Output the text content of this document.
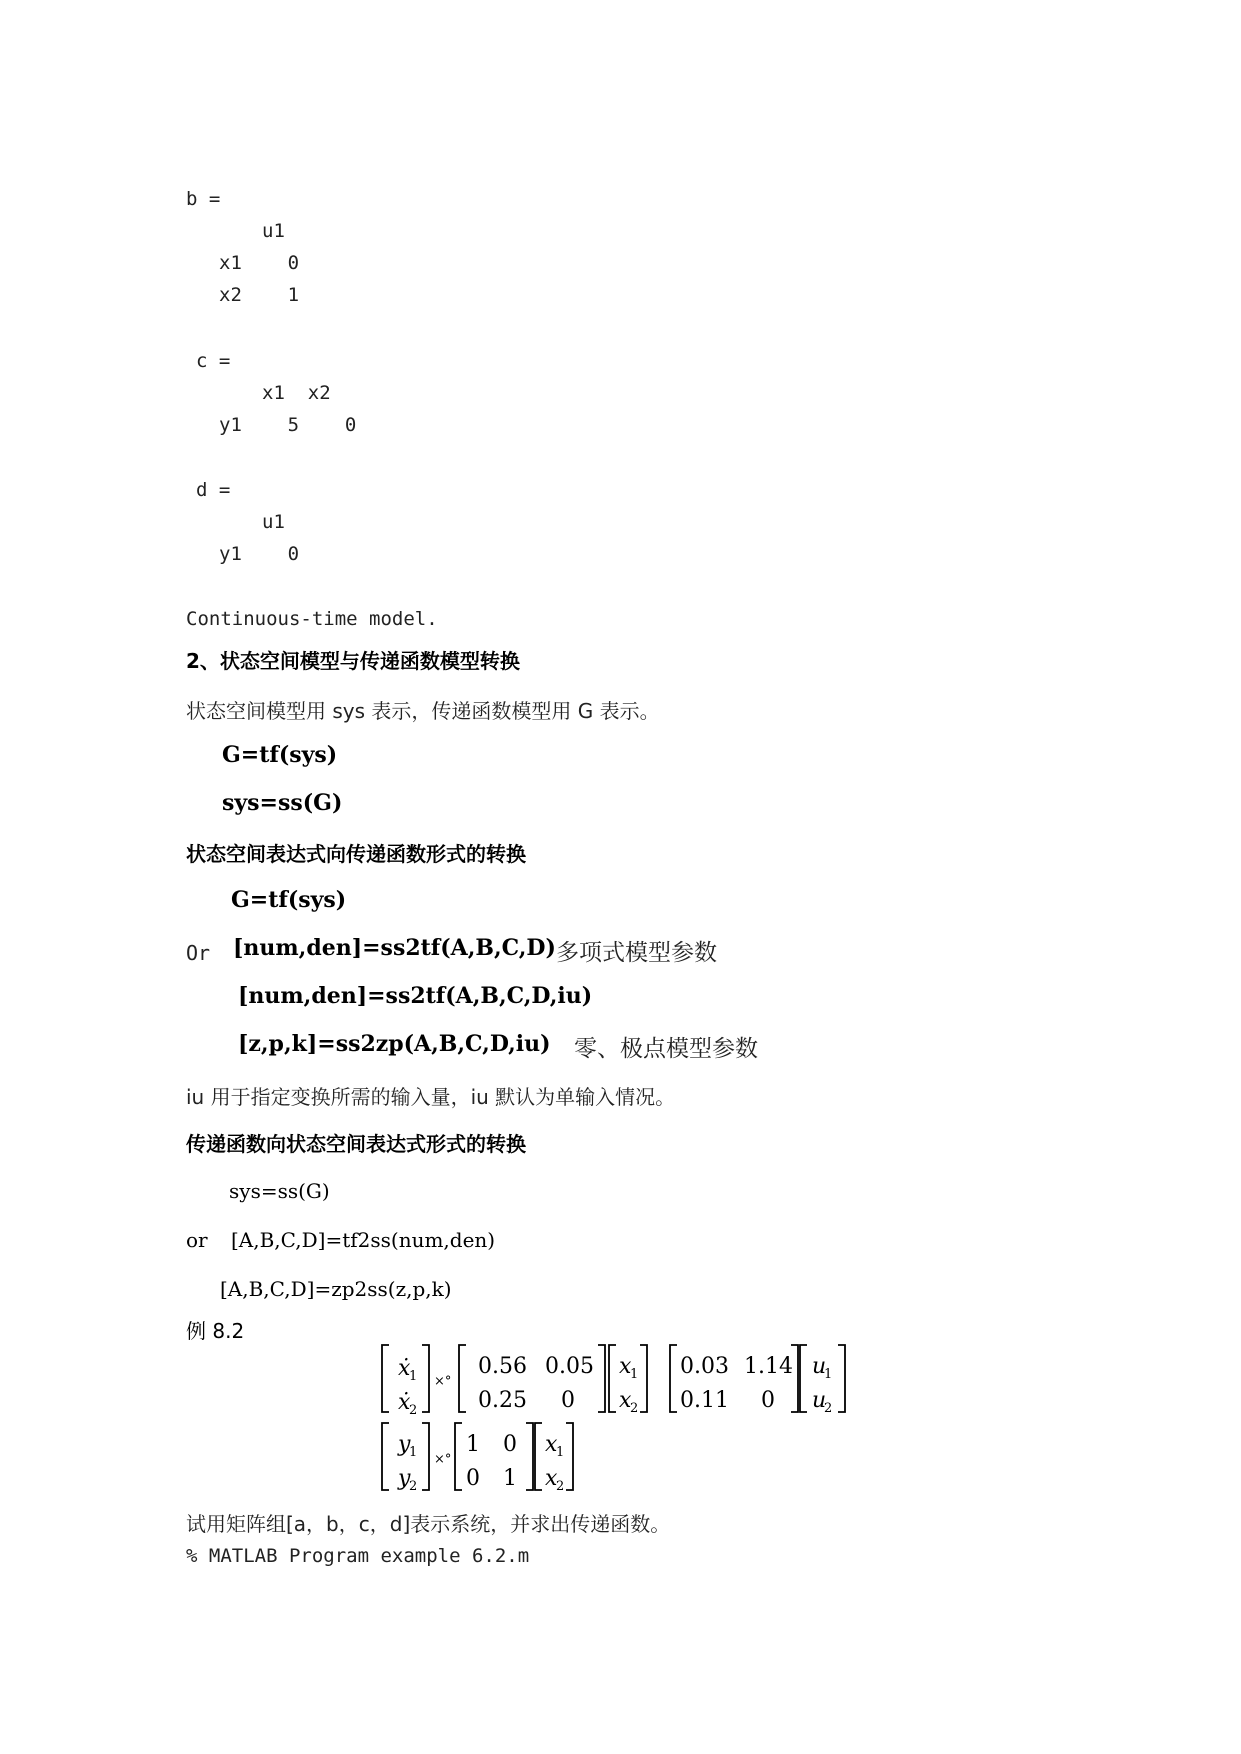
b =
u1
x1    0
x2    1
c =
x1  x2
y1    5    0
d =
u1
y1    0
Continuous-time model.
2、状态空间模型与传递函数模型转换
状态空间模型用 sys 表示，传递函数模型用 G 表示。
G=tf(sys)
sys=ss(G)
状态空间表达式向传递函数形式的转换
G=tf(sys)
Or [num,den]=ss2tf(A,B,C,D) 多项式模型参数
[num,den]=ss2tf(A,B,C,D,iu)
[z,p,k]=ss2zp(A,B,C,D,iu) 零、极点模型参数
iu 用于指定变换所需的输入量，iu 默认为单输入情况。
传递函数向状态空间表达式形式的转换
sys=ss(G)
or [A,B,C,D]=tf2ss(num,den)
[A,B,C,D]=zp2ss(z,p,k)
例 8.2
ẋ
1
ẋ
2
×°
0.56 0.05
0.25 0
x
1
x
2
0.03 1.14
0.11 0
u
1
u
2
y
1
y
2
×°
1 0
0 1
x
1
x
2
试用矩阵组[a，b，c，d]表示系统，并求出传递函数。
% MATLAB Program example 6.2.m
